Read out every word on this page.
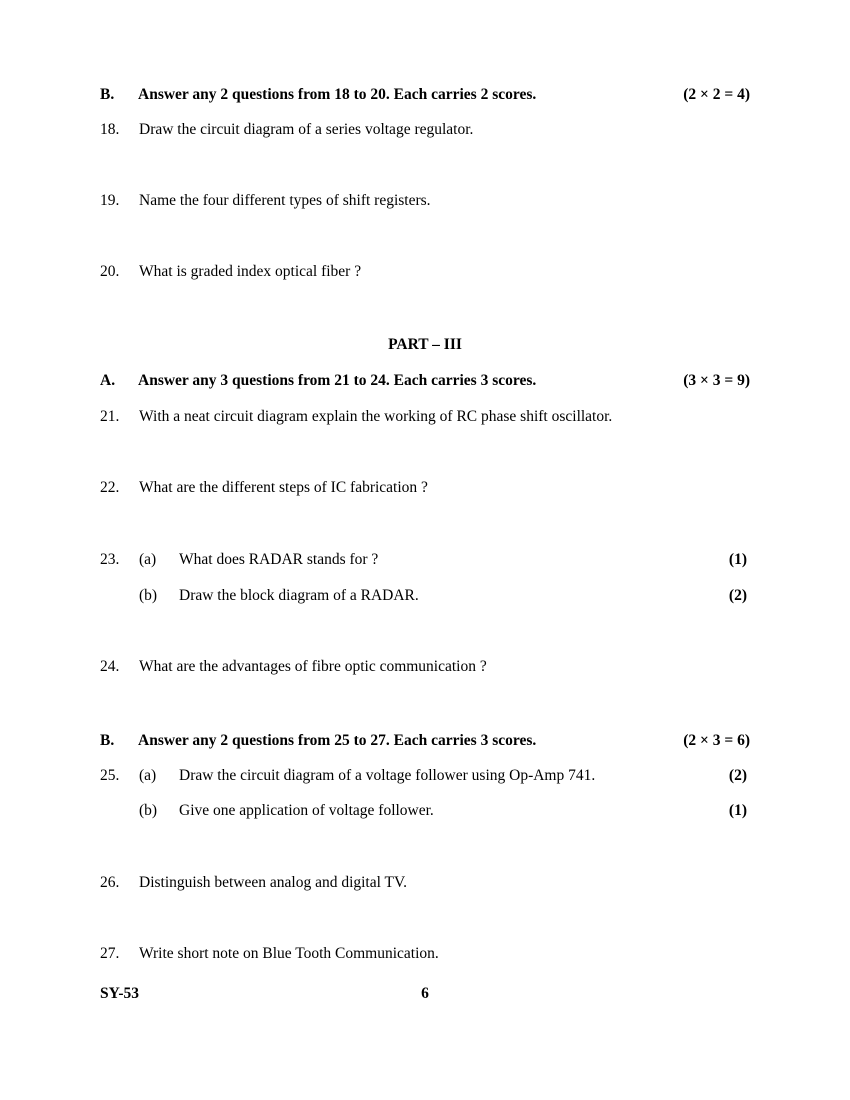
B. Answer any 2 questions from 18 to 20. Each carries 2 scores.	(2 × 2 = 4)
18. Draw the circuit diagram of a series voltage regulator.
19. Name the four different types of shift registers.
20. What is graded index optical fiber ?
PART – III
A. Answer any 3 questions from 21 to 24. Each carries 3 scores.	(3 × 3 = 9)
21. With a neat circuit diagram explain the working of RC phase shift oscillator.
22. What are the different steps of IC fabrication ?
23. (a) What does RADAR stands for ?	(1)
(b) Draw the block diagram of a RADAR.	(2)
24. What are the advantages of fibre optic communication ?
B. Answer any 2 questions from 25 to 27. Each carries 3 scores.	(2 × 3 = 6)
25. (a) Draw the circuit diagram of a voltage follower using Op-Amp 741.	(2)
(b) Give one application of voltage follower.	(1)
26. Distinguish between analog and digital TV.
27. Write short note on Blue Tooth Communication.
SY-53	6
